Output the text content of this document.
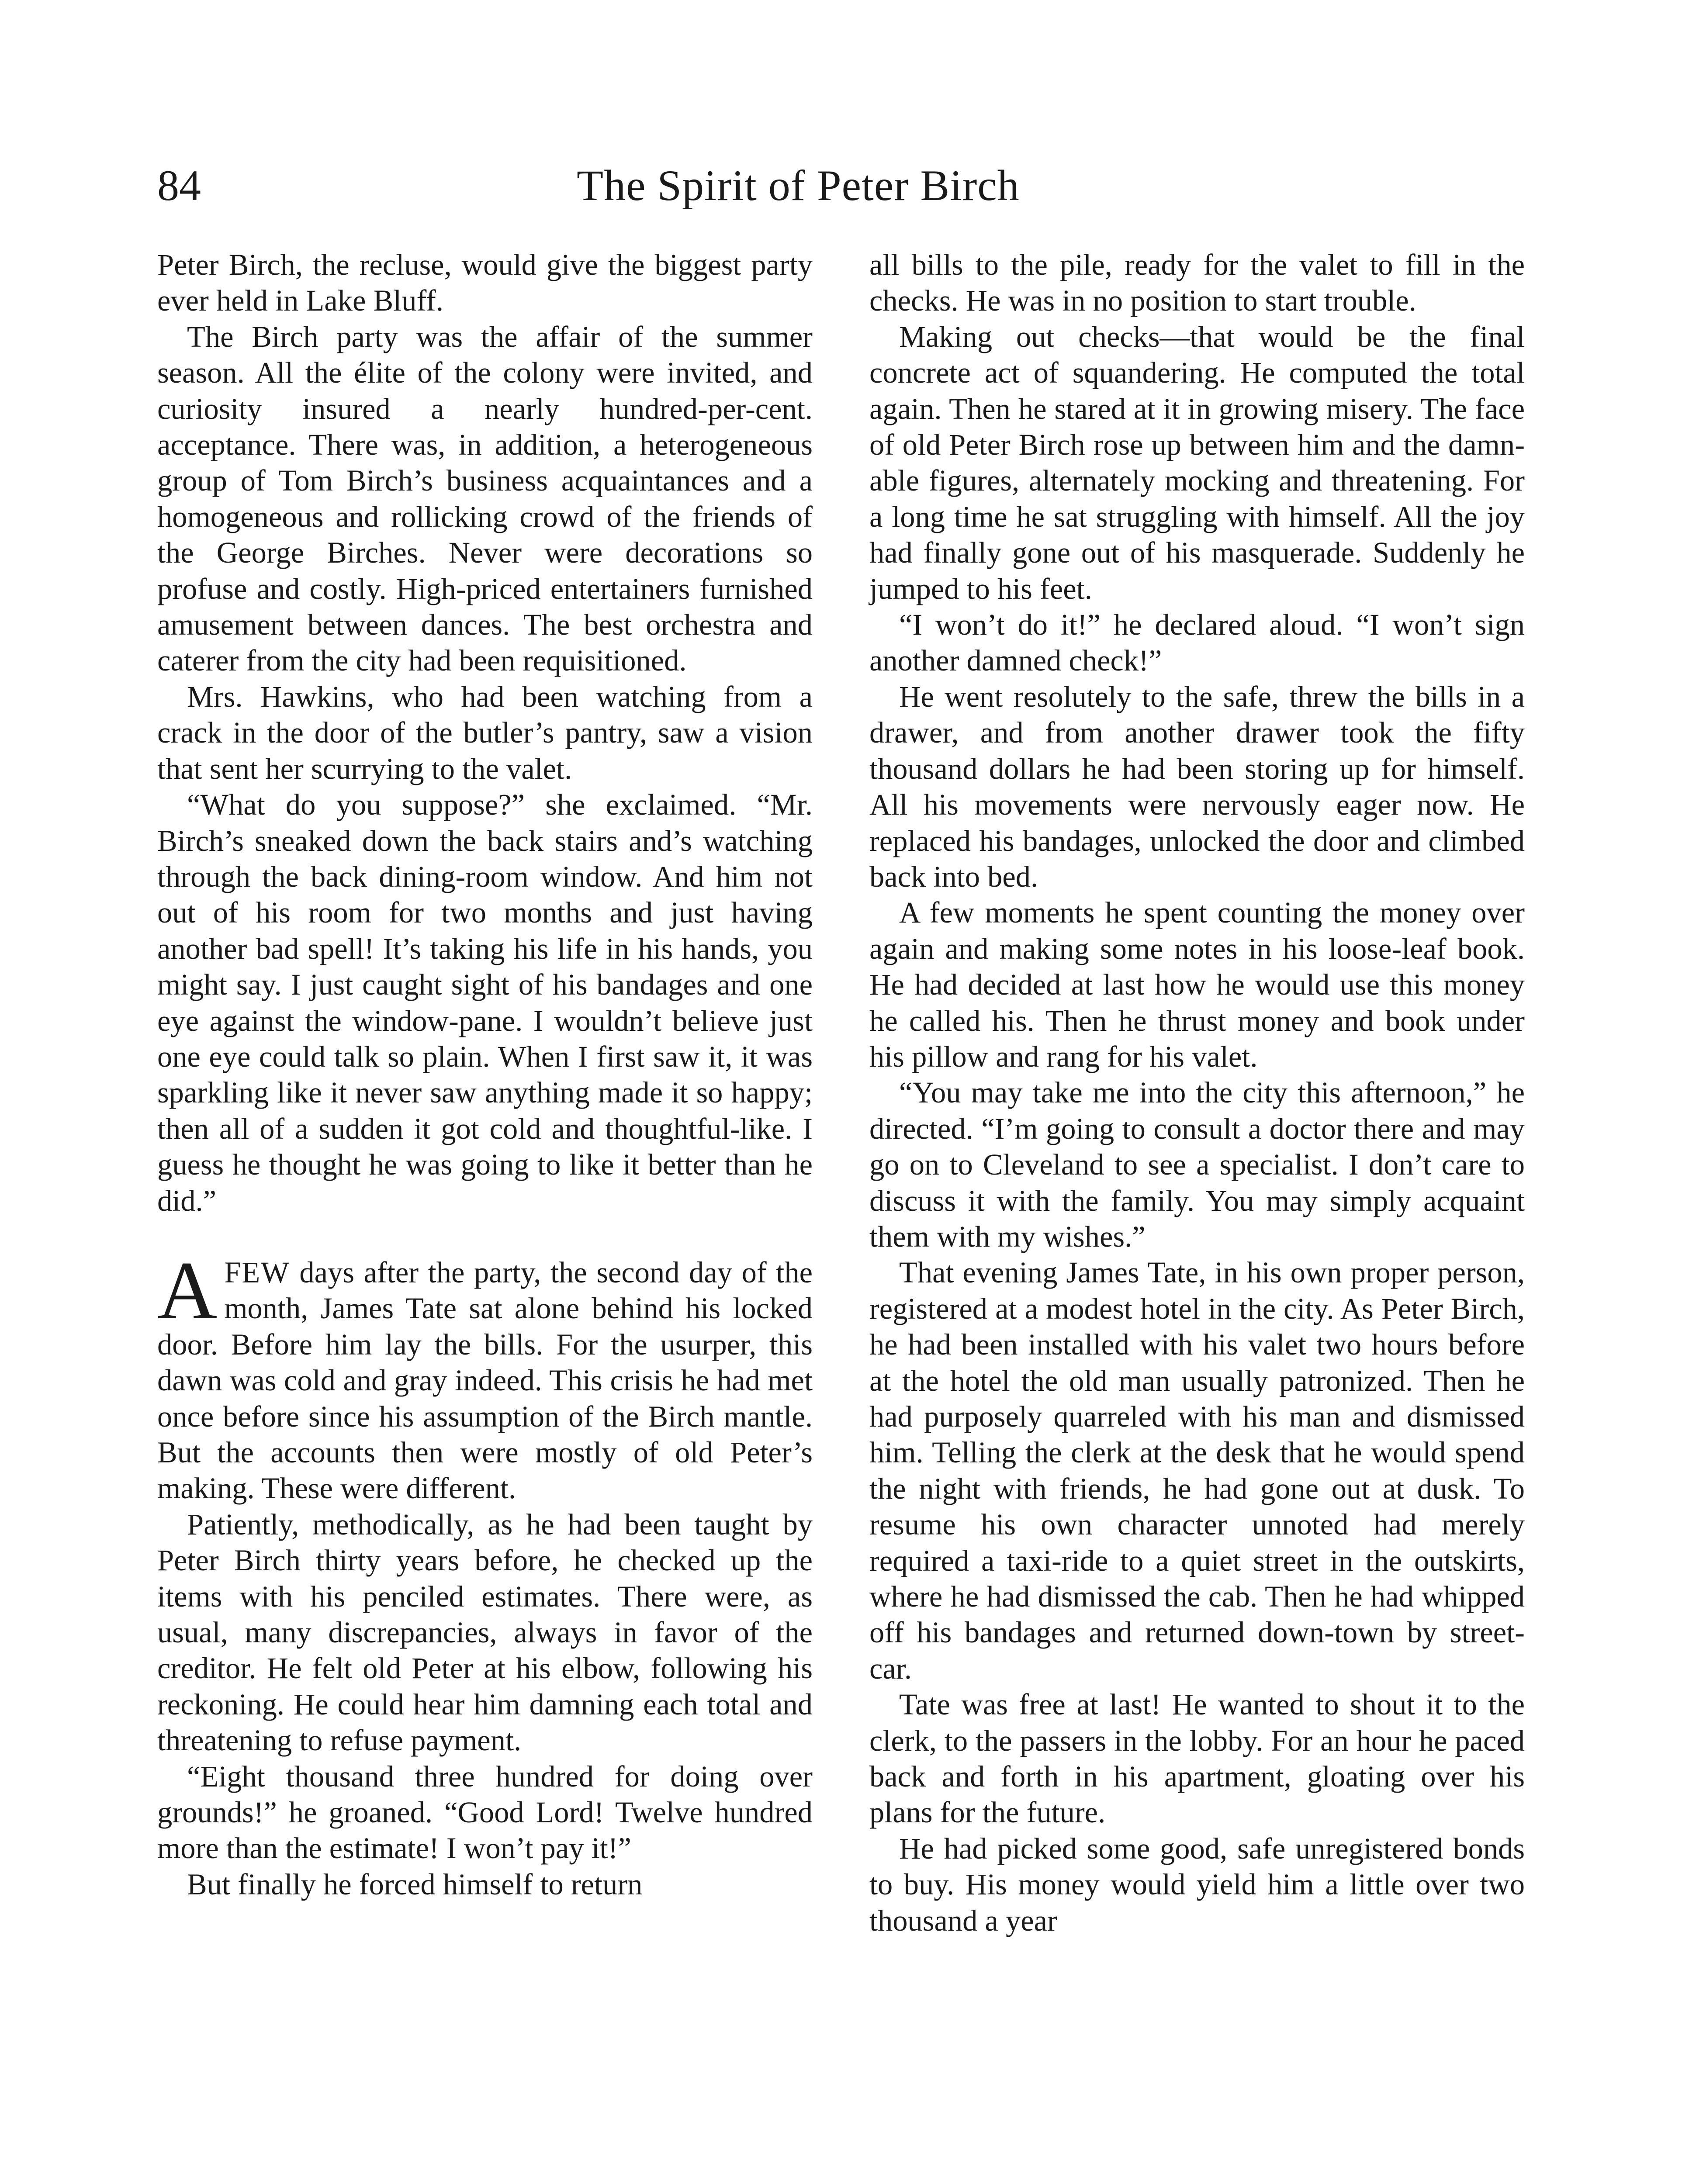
84	The Spirit of Peter Birch

Peter Birch, the recluse, would give the biggest party ever held in Lake Bluff.

The Birch party was the affair of the summer season. All the élite of the colony were invited, and curiosity insured a nearly hundred-per-cent. acceptance. There was, in addition, a heterogeneous group of Tom Birch’s business acquaintances and a homogeneous and rollicking crowd of the friends of the George Birches. Never were decorations so profuse and costly. High-priced entertainers furnished amusement between dances. The best orchestra and caterer from the city had been requisitioned.

Mrs. Hawkins, who had been watching from a crack in the door of the butler’s pantry, saw a vision that sent her scurrying to the valet.

“What do you suppose?” she exclaimed. “Mr. Birch’s sneaked down the back stairs and’s watching through the back dining-room window. And him not out of his room for two months and just having another bad spell! It’s taking his life in his hands, you might say. I just caught sight of his bandages and one eye against the window-pane. I wouldn’t believe just one eye could talk so plain. When I first saw it, it was sparkling like it never saw anything made it so happy; then all of a sudden it got cold and thoughtful-like. I guess he thought he was going to like it better than he did.”

AFEW days after the party, the second day of the month, James Tate sat alone behind his locked door. Before him lay the bills. For the usurper, this dawn was cold and gray indeed. This crisis he had met once before since his assumption of the Birch mantle. But the accounts then were mostly of old Peter’s making. These were different.

Patiently, methodically, as he had been taught by Peter Birch thirty years before, he checked up the items with his penciled estimates. There were, as usual, many discrepancies, always in favor of the creditor. He felt old Peter at his elbow, following his reckoning. He could hear him damning each total and threatening to refuse payment.

“Eight thousand three hundred for doing over grounds!” he groaned. “Good Lord! Twelve hundred more than the estimate! I won’t pay it!”

But finally he forced himself to return

all bills to the pile, ready for the valet to fill in the checks. He was in no position to start trouble.

Making out checks—that would be the final concrete act of squandering. He computed the total again. Then he stared at it in growing misery. The face of old Peter Birch rose up between him and the damnable figures, alternately mocking and threatening. For a long time he sat struggling with himself. All the joy had finally gone out of his masquerade. Suddenly he jumped to his feet.

“I won’t do it!” he declared aloud. “I won’t sign another damned check!”

He went resolutely to the safe, threw the bills in a drawer, and from another drawer took the fifty thousand dollars he had been storing up for himself. All his movements were nervously eager now. He replaced his bandages, unlocked the door and climbed back into bed.

A few moments he spent counting the money over again and making some notes in his loose-leaf book. He had decided at last how he would use this money he called his. Then he thrust money and book under his pillow and rang for his valet.

“You may take me into the city this afternoon,” he directed. “I’m going to consult a doctor there and may go on to Cleveland to see a specialist. I don’t care to discuss it with the family. You may simply acquaint them with my wishes.”

That evening James Tate, in his own proper person, registered at a modest hotel in the city. As Peter Birch, he had been installed with his valet two hours before at the hotel the old man usually patronized. Then he had purposely quarreled with his man and dismissed him. Telling the clerk at the desk that he would spend the night with friends, he had gone out at dusk. To resume his own character unnoted had merely required a taxi-ride to a quiet street in the outskirts, where he had dismissed the cab. Then he had whipped off his bandages and returned down-town by street-car.

Tate was free at last! He wanted to shout it to the clerk, to the passers in the lobby. For an hour he paced back and forth in his apartment, gloating over his plans for the future.

He had picked some good, safe unregistered bonds to buy. His money would yield him a little over two thousand a year
